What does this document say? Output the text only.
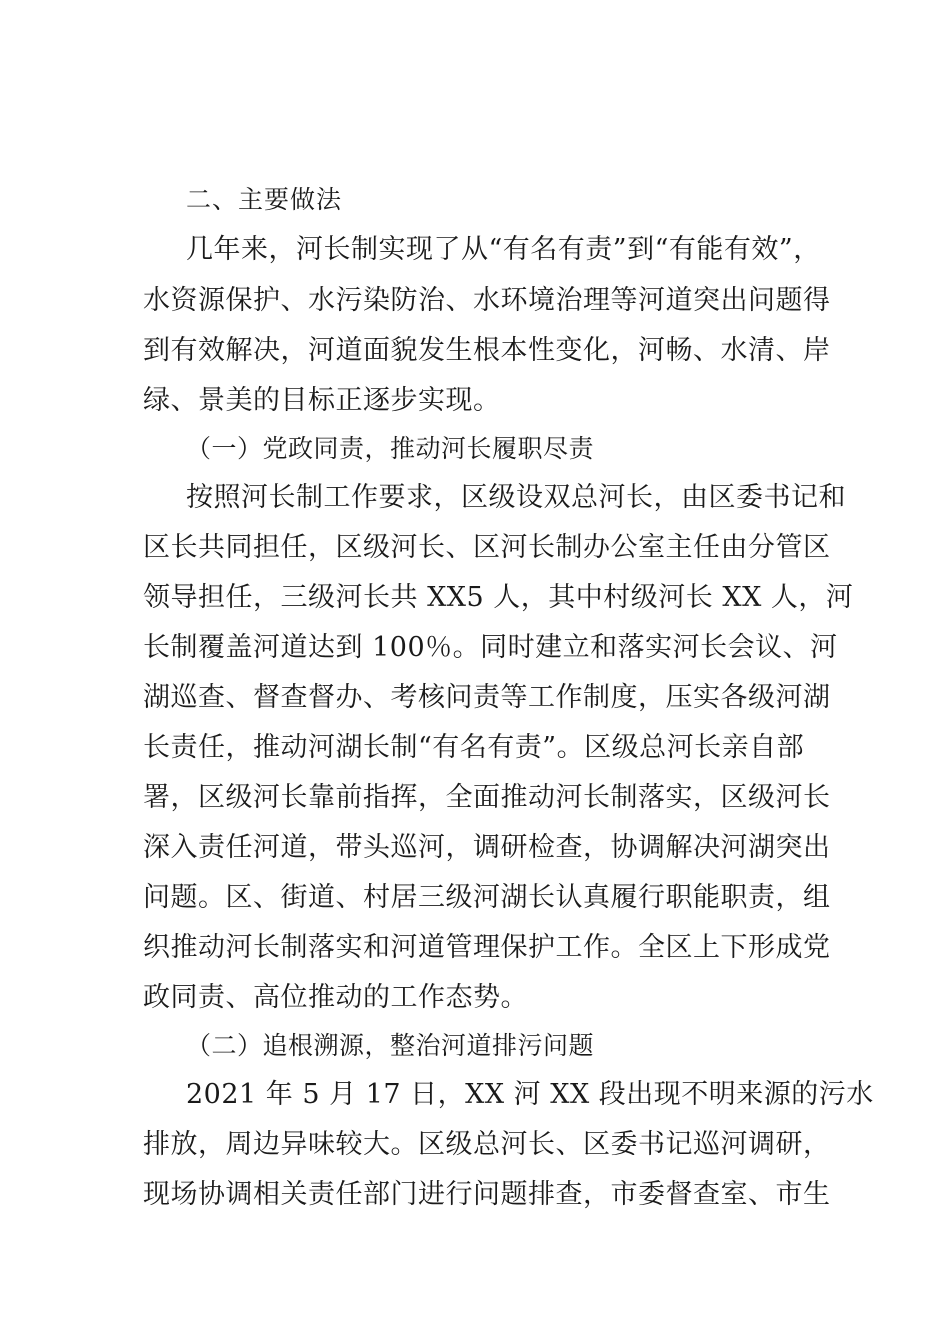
二、主要做法
几年来，河长制实现了从“有名有责”到“有能有效”，
水资源保护、水污染防治、水环境治理等河道突出问题得
到有效解决，河道面貌发生根本性变化，河畅、水清、岸
绿、景美的目标正逐步实现。
（一）党政同责，推动河长履职尽责
按照河长制工作要求，区级设双总河长，由区委书记和
区长共同担任，区级河长、区河长制办公室主任由分管区
领导担任，三级河长共 XX5 人，其中村级河长 XX 人，河
长制覆盖河道达到 100％。同时建立和落实河长会议、河
湖巡查、督查督办、考核问责等工作制度，压实各级河湖
长责任，推动河湖长制“有名有责”。区级总河长亲自部
署，区级河长靠前指挥，全面推动河长制落实，区级河长
深入责任河道，带头巡河，调研检查，协调解决河湖突出
问题。区、街道、村居三级河湖长认真履行职能职责，组
织推动河长制落实和河道管理保护工作。全区上下形成党
政同责、高位推动的工作态势。
（二）追根溯源，整治河道排污问题
2021 年 5 月 17 日，XX 河 XX 段出现不明来源的污水
排放，周边异味较大。区级总河长、区委书记巡河调研，
现场协调相关责任部门进行问题排查，市委督查室、市生
